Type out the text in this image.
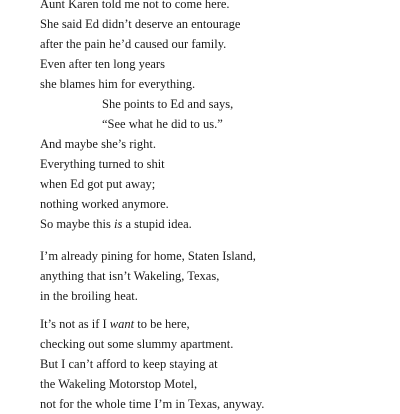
Aunt Karen told me not to come here.
She said Ed didn’t deserve an entourage
after the pain he’d caused our family.
Even after ten long years
she blames him for everything.
She points to Ed and says,
“See what he did to us.”
And maybe she’s right.
Everything turned to shit
when Ed got put away;
nothing worked anymore.
So maybe this is a stupid idea.
I’m already pining for home, Staten Island,
anything that isn’t Wakeling, Texas,
in the broiling heat.
It’s not as if I want to be here,
checking out some slummy apartment.
But I can’t afford to keep staying at
the Wakeling Motorstop Motel,
not for the whole time I’m in Texas, anyway.
